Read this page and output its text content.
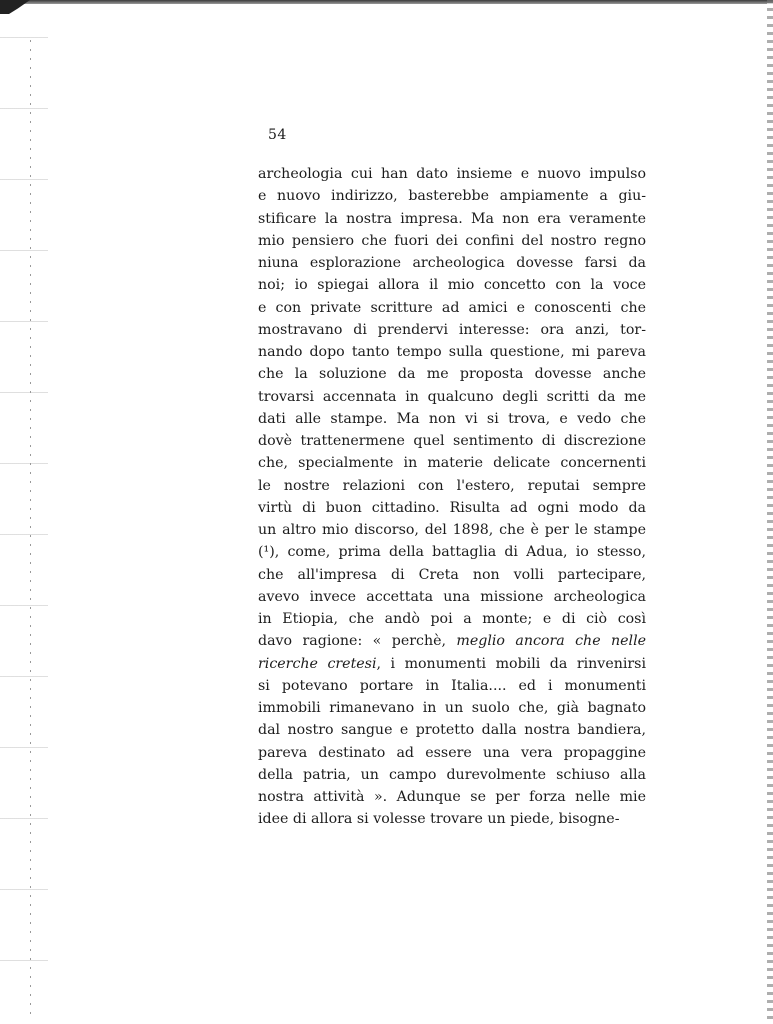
54

archeologia cui han dato insieme e nuovo impulso
e nuovo indirizzo, basterebbe ampiamente a giu-
stificare la nostra impresa. Ma non era veramente
mio pensiero che fuori dei confini del nostro regno
niuna esplorazione archeologica dovesse farsi da
noi; io spiegai allora il mio concetto con la voce
e con private scritture ad amici e conoscenti che
mostravano di prendervi interesse: ora anzi, tor-
nando dopo tanto tempo sulla questione, mi pareva
che la soluzione da me proposta dovesse anche
trovarsi accennata in qualcuno degli scritti da me
dati alle stampe. Ma non vi si trova, e vedo che
dovè trattenermene quel sentimento di discrezione
che, specialmente in materie delicate concernenti
le nostre relazioni con l'estero, reputai sempre
virtù di buon cittadino. Risulta ad ogni modo da
un altro mio discorso, del 1898, che è per le stampe
(¹), come, prima della battaglia di Adua, io stesso,
che all'impresa di Creta non volli partecipare,
avevo invece accettata una missione archeologica
in Etiopia, che andò poi a monte; e di ciò così
davo ragione: « perchè, meglio ancora che nelle
ricerche cretesi, i monumenti mobili da rinvenirsi
si potevano portare in Italia.... ed i monumenti
immobili rimanevano in un suolo che, già bagnato
dal nostro sangue e protetto dalla nostra bandiera,
pareva destinato ad essere una vera propaggine
della patria, un campo durevolmente schiuso alla
nostra attività ». Adunque se per forza nelle mie
idee di allora si volesse trovare un piede, bisogne-
